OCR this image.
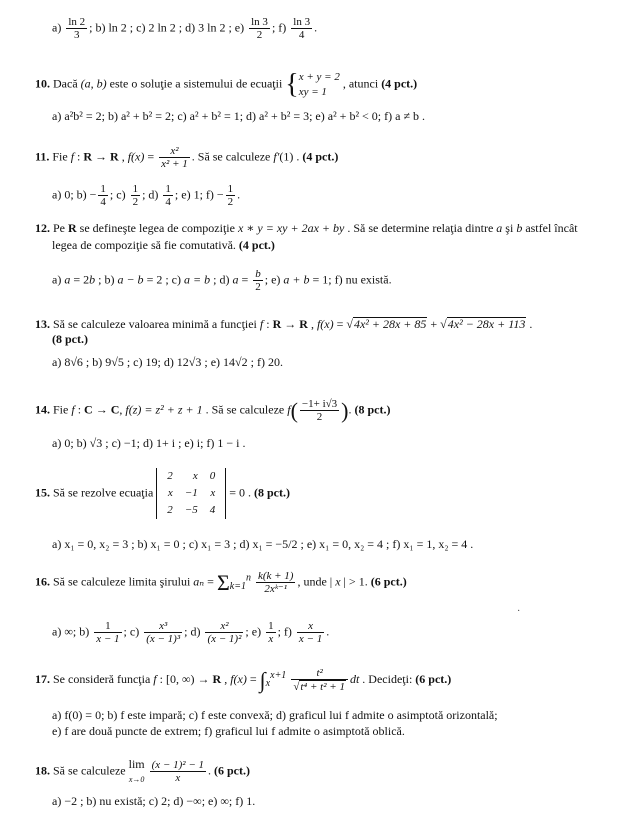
$a) \frac{\ln 2}{3}$ ; b) ln 2 ; c) 2 ln 2 ; d) 3 ln 2 ; $e) \frac{\ln 3}{2}$ ; $f) \frac{\ln 3}{4}$ .
10. Dacă (a, b) este o soluţie a sistemului de ecuaţii {x + y = 2
xy = 1 , atunci (4 pct.)
a) a²b² = 2; b) a² + b² = 2; c) a² + b² = 1; d) a² + b² = 3; e) a² + b² < 0; f) a ≠ b .
11. Fie f : R → R , $f(x) = \frac{\text{x²}}{\text{x² + 1}}$ . Să se calculeze f′(1) . (4 pct.)
a) 0; $b) - \frac{1}{4}$ ; $c) \frac{1}{2}$ ; $d) \frac{1}{4}$ ; e) 1; $f) - \frac{1}{2}$ .
12. Pe R se defineşte legea de compoziţie x ∗ y = xy + 2ax + by . Să se determine relaţia dintre a şi b astfel încât
legea de compoziţie să fie comutativă. (4 pct.)
a) a = 2b ; b) a − b = 2 ; c) a = b ; d) $a = \frac{b}{2}$ ; e) a + b = 1; f) nu există.
13. Să se calculeze valoarea minimă a funcţiei f : R → R , f(x) = √4x² + 28x + 85 + √4x² − 28x + 113 .
(8 pct.)
a) 8√6 ; b) 9√5 ; c) 19; d) 12√3 ; e) 14√2 ; f) 20.
14. Fie f : C → C, f(z) = z² + z + 1 . Să se calculeze $f( \frac{-1+ i√3}{2}$ ). (8 pct.)
a) 0; b) √3 ; c) −1; d) 1+ i ; e) i; f) 1 − i .
15. Să se rezolve ecuaţia
2	x	0
x	−1	x
2	−5	4
= 0 . (8 pct.)
a) x₁ = 0, x₂ = 3 ; b) x₁ = 0 ; c) x₁ = 3 ; d) x₁ = −5/2 ; e) x₁ = 0, x₂ = 4 ; f) x₁ = 1, x₂ = 4 .
16. Să se calculeze limita şirului $a_n = \Sigma_{k=1}^n \frac{k(k + 1)}{\text{2xᵏ⁻¹}}$ , unde | x | > 1. (6 pct.)
·
a) ∞; $b) \frac{1}{x - 1}$ ; $c) \frac{\text{x³}}{\text{(x − 1)³}}$ ; $d) \frac{\text{x²}}{\text{(x − 1)²}}$ ; $e) \frac{1}{x}$ ; $f) \frac{x}{x - 1}$ .
17. Se consideră funcţia f : [0, ∞) → R , $f(x) = \int_x^{x+1} \frac{\text{t²}}{\text{√t⁴ + t² + 1}}$ dt . Decideţi: (6 pct.)
a) f(0) = 0; b) f este impară; c) f este convexă; d) graficul lui f admite o asimptotă orizontală;
e) f are două puncte de extrem; f) graficul lui f admite o asimptotă oblică.
18. Să se calculeze lim
$x\to 0 \frac{\text{(x − 1)² − 1}}{x}$ . (6 pct.)
a) −2 ; b) nu există; c) 2; d) −∞; e) ∞; f) 1.
